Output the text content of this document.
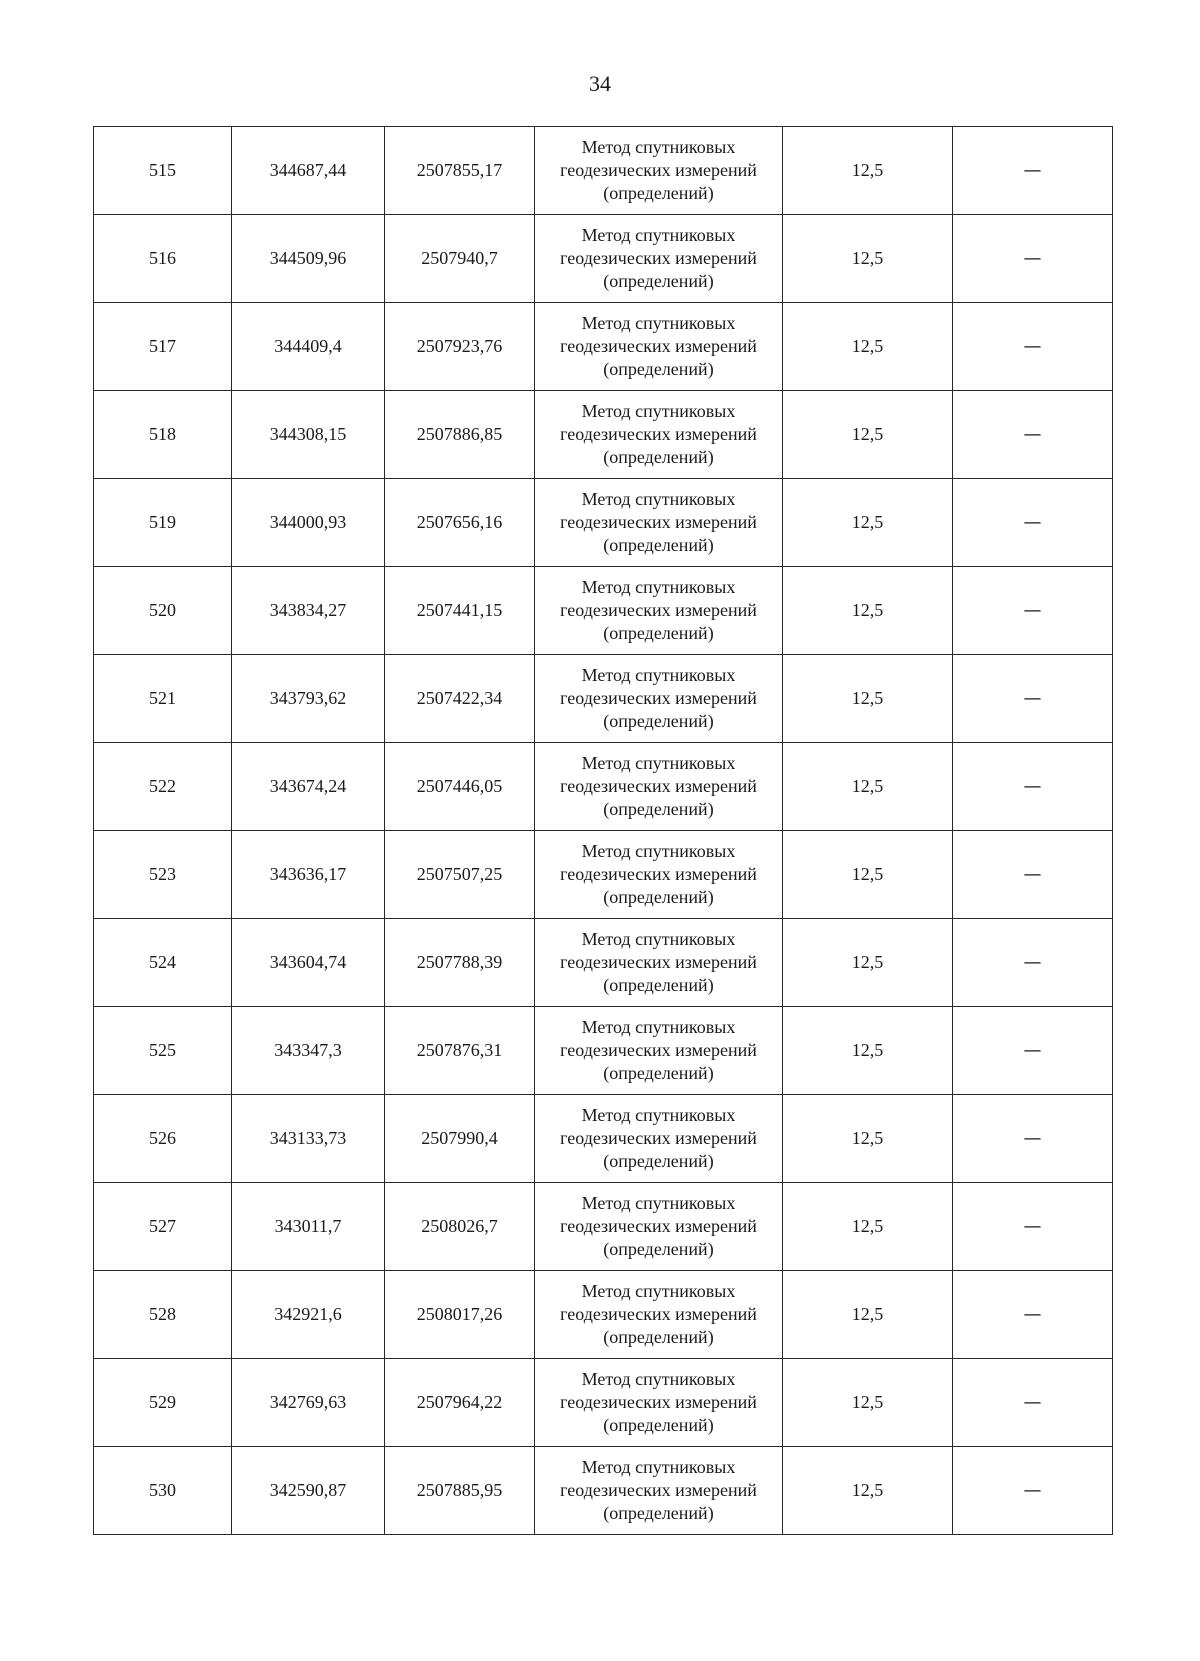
34
515	344687,44	2507855,17	Метод спутниковых
геодезических измерений
(определений)	12,5	—
516	344509,96	2507940,7	Метод спутниковых
геодезических измерений
(определений)	12,5	—
517	344409,4	2507923,76	Метод спутниковых
геодезических измерений
(определений)	12,5	—
518	344308,15	2507886,85	Метод спутниковых
геодезических измерений
(определений)	12,5	—
519	344000,93	2507656,16	Метод спутниковых
геодезических измерений
(определений)	12,5	—
520	343834,27	2507441,15	Метод спутниковых
геодезических измерений
(определений)	12,5	—
521	343793,62	2507422,34	Метод спутниковых
геодезических измерений
(определений)	12,5	—
522	343674,24	2507446,05	Метод спутниковых
геодезических измерений
(определений)	12,5	—
523	343636,17	2507507,25	Метод спутниковых
геодезических измерений
(определений)	12,5	—
524	343604,74	2507788,39	Метод спутниковых
геодезических измерений
(определений)	12,5	—
525	343347,3	2507876,31	Метод спутниковых
геодезических измерений
(определений)	12,5	—
526	343133,73	2507990,4	Метод спутниковых
геодезических измерений
(определений)	12,5	—
527	343011,7	2508026,7	Метод спутниковых
геодезических измерений
(определений)	12,5	—
528	342921,6	2508017,26	Метод спутниковых
геодезических измерений
(определений)	12,5	—
529	342769,63	2507964,22	Метод спутниковых
геодезических измерений
(определений)	12,5	—
530	342590,87	2507885,95	Метод спутниковых
геодезических измерений
(определений)	12,5	—
